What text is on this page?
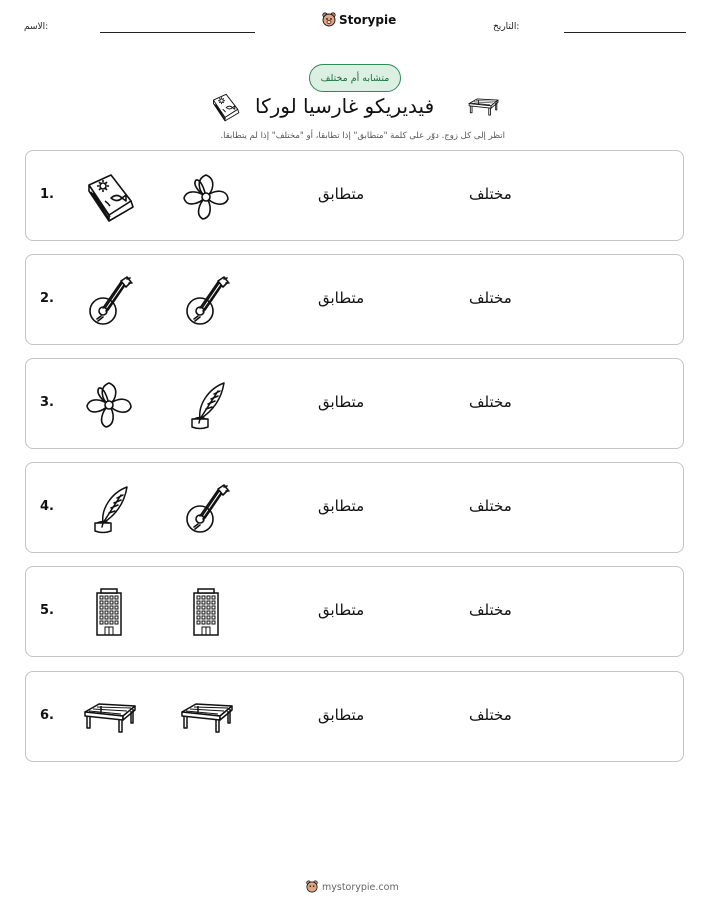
الاسم:	Storypie	التاريخ:
متشابه أم مختلف
فيديريكو غارسيا لوركا
انظر إلى كل زوج. دوّر على كلمة "متطابق" إذا تطابقا، أو "مختلف" إذا لم يتطابقا.
1.	متطابق	مختلف
2.	متطابق	مختلف
3.	متطابق	مختلف
4.	متطابق	مختلف
5.	متطابق	مختلف
6.	متطابق	مختلف
mystorypie.com
